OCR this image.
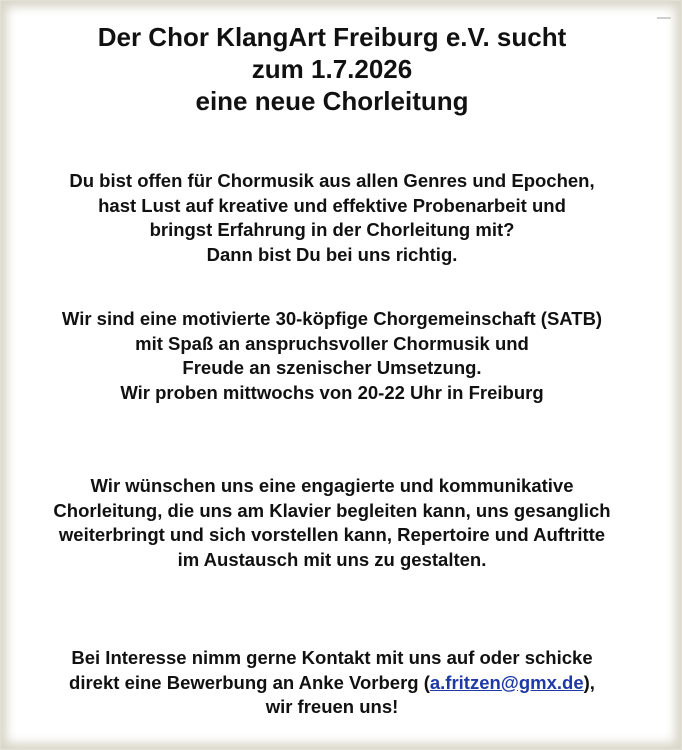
Der Chor KlangArt Freiburg e.V. sucht
zum 1.7.2026
eine neue Chorleitung

Du bist offen für Chormusik aus allen Genres und Epochen,
hast Lust auf kreative und effektive Probenarbeit und
bringst Erfahrung in der Chorleitung mit?
Dann bist Du bei uns richtig.

Wir sind eine motivierte 30-köpfige Chorgemeinschaft (SATB)
mit Spaß an anspruchsvoller Chormusik und
Freude an szenischer Umsetzung.
Wir proben mittwochs von 20-22 Uhr in Freiburg

Wir wünschen uns eine engagierte und kommunikative
Chorleitung, die uns am Klavier begleiten kann, uns gesanglich
weiterbringt und sich vorstellen kann, Repertoire und Auftritte
im Austausch mit uns zu gestalten.

Bei Interesse nimm gerne Kontakt mit uns auf oder schicke
direkt eine Bewerbung an Anke Vorberg (a.fritzen@gmx.de),
wir freuen uns!
